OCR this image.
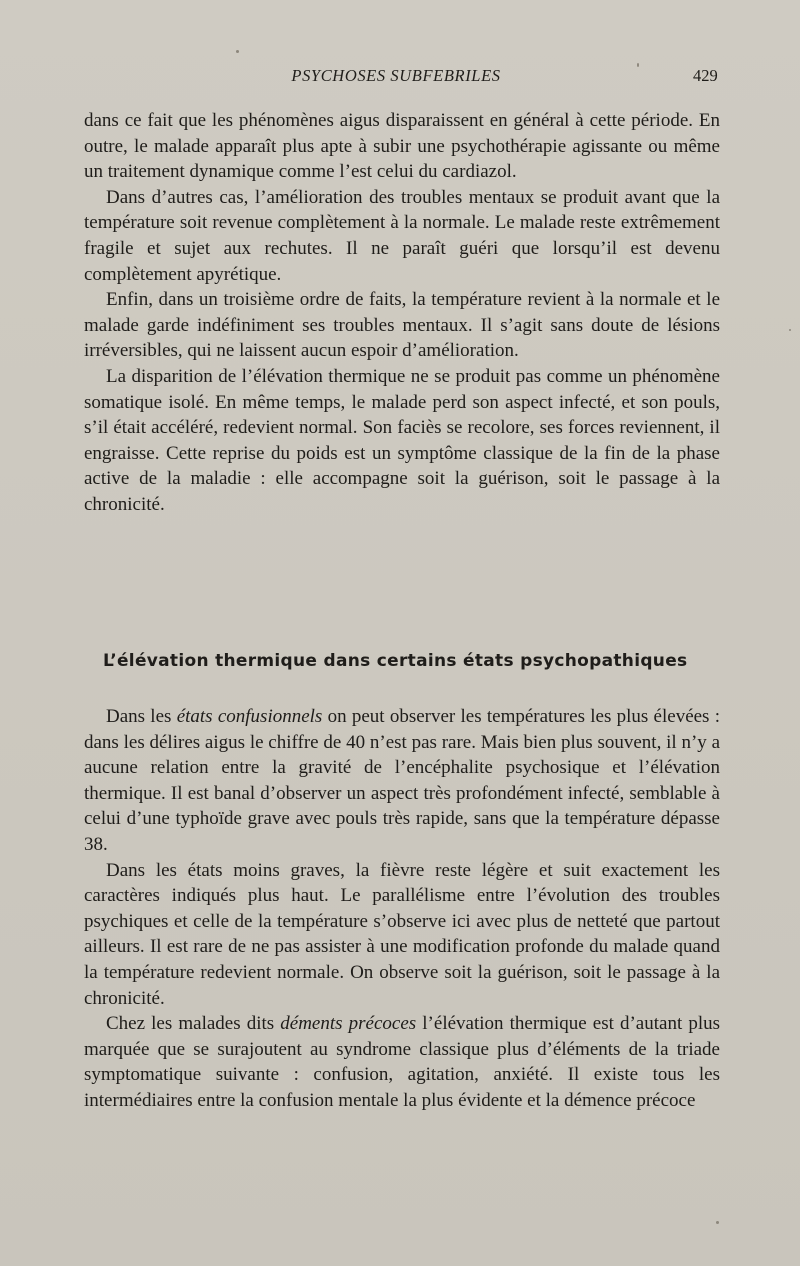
PSYCHOSES SUBFEBRILES	429

dans ce fait que les phénomènes aigus disparaissent en général à cette période. En outre, le malade apparaît plus apte à subir une psychothérapie agissante ou même un traitement dynamique comme l’est celui du cardiazol.

Dans d’autres cas, l’amélioration des troubles mentaux se produit avant que la température soit revenue complètement à la normale. Le malade reste extrêmement fragile et sujet aux rechutes. Il ne paraît guéri que lorsqu’il est devenu complètement apyrétique.

Enfin, dans un troisième ordre de faits, la température revient à la normale et le malade garde indéfiniment ses troubles mentaux. Il s’agit sans doute de lésions irréversibles, qui ne laissent aucun espoir d’amélioration.

La disparition de l’élévation thermique ne se produit pas comme un phénomène somatique isolé. En même temps, le malade perd son aspect infecté, et son pouls, s’il était accéléré, redevient normal. Son faciès se recolore, ses forces reviennent, il engraisse. Cette reprise du poids est un symptôme classique de la fin de la phase active de la maladie : elle accompagne soit la guérison, soit le passage à la chronicité.

L’élévation thermique dans certains états psychopathiques

Dans les états confusionnels on peut observer les températures les plus élevées : dans les délires aigus le chiffre de 40 n’est pas rare. Mais bien plus souvent, il n’y a aucune relation entre la gravité de l’encéphalite psychosique et l’élévation thermique. Il est banal d’observer un aspect très profondément infecté, semblable à celui d’une typhoïde grave avec pouls très rapide, sans que la température dépasse 38.

Dans les états moins graves, la fièvre reste légère et suit exactement les caractères indiqués plus haut. Le parallélisme entre l’évolution des troubles psychiques et celle de la température s’observe ici avec plus de netteté que partout ailleurs. Il est rare de ne pas assister à une modification profonde du malade quand la température redevient normale. On observe soit la guérison, soit le passage à la chronicité.

Chez les malades dits déments précoces l’élévation thermique est d’autant plus marquée que se surajoutent au syndrome classique plus d’éléments de la triade symptomatique suivante : confusion, agitation, anxiété. Il existe tous les intermédiaires entre la confusion mentale la plus évidente et la démence précoce
